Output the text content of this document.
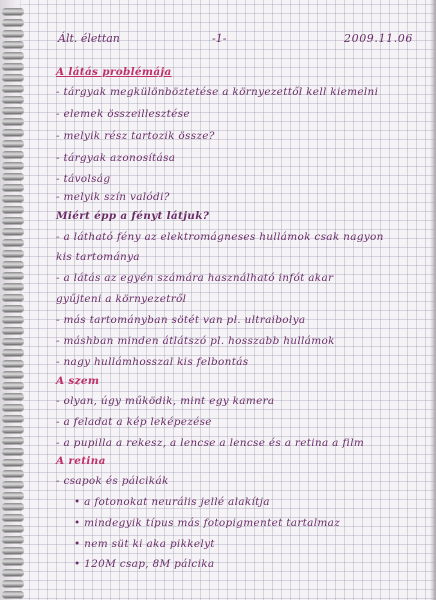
Ált. élettan	-1-	2009.11.06
A látás problémája
- tárgyak megkülönböztetése a környezettől kell kiemelni
- elemek összeillesztése
- melyik rész tartozik össze?
- tárgyak azonosítása
- távolság
- melyik szín valódi?
Miért épp a fényt látjuk?
- a látható fény az elektromágneses hullámok csak nagyon
kis tartománya
- a látás az egyén számára használható infót akar
gyűjteni a környezetről
- más tartományban sötét van pl. ultraibolya
- máshban minden átlátszó pl. hosszabb hullámok
- nagy hullámhosszal kis felbontás
A szem
- olyan, úgy működik, mint egy kamera
- a feladat a kép leképezése
- a pupilla a rekesz, a lencse a lencse és a retina a film
A retina
- csapok és pálcikák
• a fotonokat neurális jellé alakítja
• mindegyik típus más fotopigmentet tartalmaz
• nem süt ki aka pikkelyt
• 120M csap, 8M pálcika
